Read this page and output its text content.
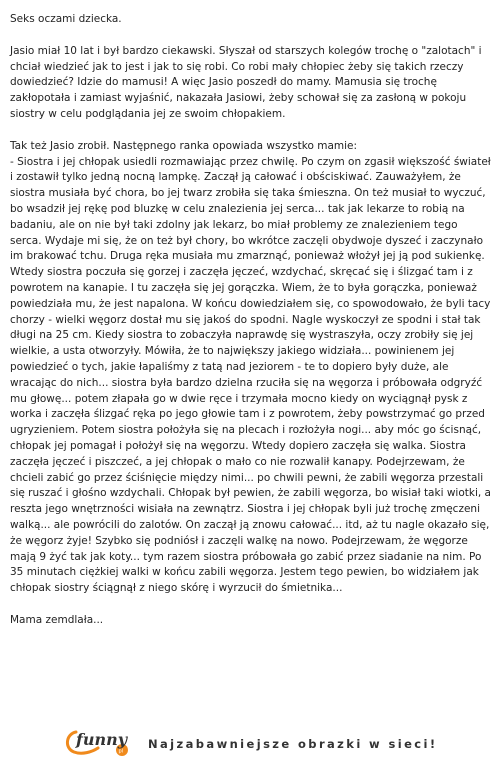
Seks oczami dziecka.

Jasio miał 10 lat i był bardzo ciekawski. Słyszał od starszych kolegów trochę o "zalotach" i chciał wiedzieć jak to jest i jak to się robi. Co robi mały chłopiec żeby się takich rzeczy dowiedzieć? Idzie do mamusi! A więc Jasio poszedł do mamy. Mamusia się trochę zakłopotała i zamiast wyjaśnić, nakazała Jasiowi, żeby schował się za zasłoną w pokoju siostry w celu podglądania jej ze swoim chłopakiem.

Tak też Jasio zrobił. Następnego ranka opowiada wszystko mamie:
- Siostra i jej chłopak usiedli rozmawiając przez chwilę. Po czym on zgasił większość świateł i zostawił tylko jedną nocną lampkę. Zaczął ją całować i obściskiwać. Zauważyłem, że siostra musiała być chora, bo jej twarz zrobiła się taka śmieszna. On też musiał to wyczuć, bo wsadził jej rękę pod bluzkę w celu znalezienia jej serca... tak jak lekarze to robią na badaniu, ale on nie był taki zdolny jak lekarz, bo miał problemy ze znalezieniem tego serca. Wydaje mi się, że on też był chory, bo wkrótce zaczęli obydwoje dyszeć i zaczynało im brakować tchu. Druga ręka musiała mu zmarznąć, ponieważ włożył jej ją pod sukienkę. Wtedy siostra poczuła się gorzej i zaczęła jęczeć, wzdychać, skręcać się i ślizgać tam i z powrotem na kanapie. I tu zaczęła się jej gorączka. Wiem, że to była gorączka, ponieważ powiedziała mu, że jest napalona. W końcu dowiedziałem się, co spowodowało, że byli tacy chorzy - wielki węgorz dostał mu się jakoś do spodni. Nagle wyskoczył ze spodni i stał tak długi na 25 cm. Kiedy siostra to zobaczyła naprawdę się wystraszyła, oczy zrobiły się jej wielkie, a usta otworzyły. Mówiła, że to największy jakiego widziała... powinienem jej powiedzieć o tych, jakie łapaliśmy z tatą nad jeziorem - te to dopiero były duże, ale wracając do nich... siostra była bardzo dzielna rzuciła się na węgorza i próbowała odgryźć mu głowę... potem złapała go w dwie ręce i trzymała mocno kiedy on wyciągnął pysk z worka i zaczęła ślizgać ręka po jego głowie tam i z powrotem, żeby powstrzymać go przed ugryzieniem. Potem siostra położyła się na plecach i rozłożyła nogi... aby móc go ścisnąć, chłopak jej pomagał i położył się na węgorzu. Wtedy dopiero zaczęła się walka. Siostra zaczęła jęczeć i piszczeć, a jej chłopak o mało co nie rozwalił kanapy. Podejrzewam, że chcieli zabić go przez ściśnięcie między nimi... po chwili pewni, że zabili węgorza przestali się ruszać i głośno wzdychali. Chłopak był pewien, że zabili węgorza, bo wisiał taki wiotki, a reszta jego wnętrzności wisiała na zewnątrz. Siostra i jej chłopak byli już trochę zmęczeni walką... ale powrócili do zalotów. On zaczął ją znowu całować... itd, aż tu nagle okazało się, że węgorz żyje! Szybko się podniósł i zaczęli walkę na nowo. Podejrzewam, że węgorze mają 9 żyć tak jak koty... tym razem siostra próbowała go zabić przez siadanie na nim. Po 35 minutach ciężkiej walki w końcu zabili węgorza. Jestem tego pewien, bo widziałem jak chłopak siostry ściągnął z niego skórę i wyrzucił do śmietnika...

Mama zemdlała...

pl
funny Najzabawniejsze obrazki w sieci!
